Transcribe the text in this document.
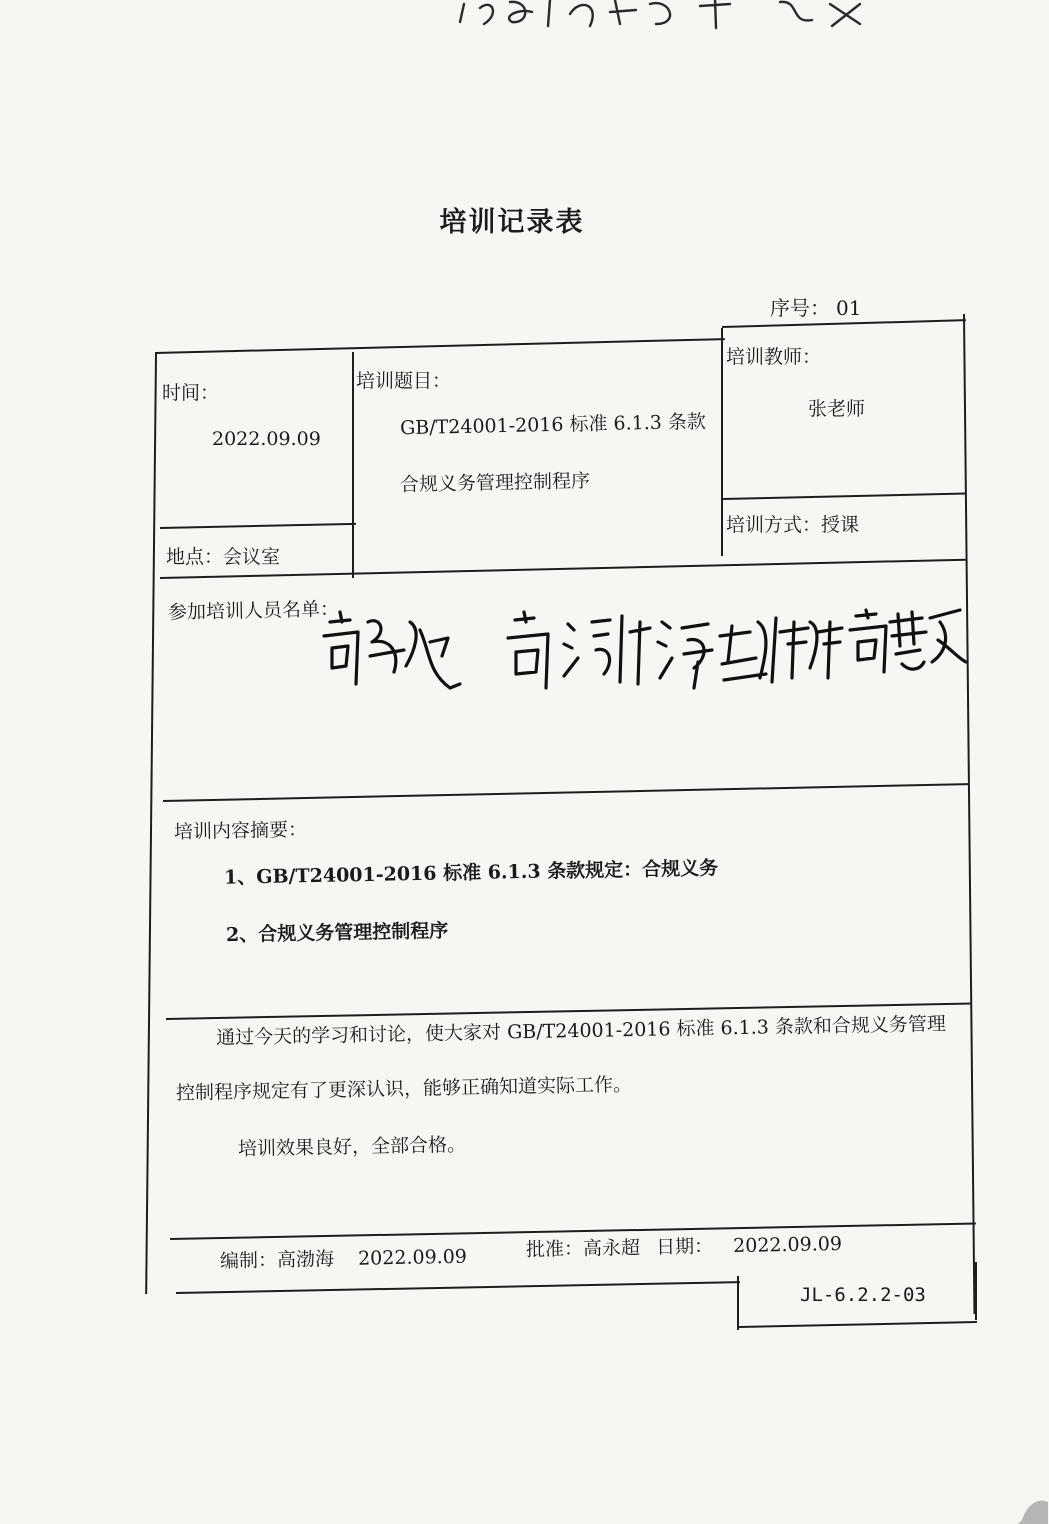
培训记录表
序号： 01
时间：
2022.09.09
地点：会议室
培训题目：
GB/T24001-2016 标准 6.1.3 条款
合规义务管理控制程序
培训教师：
张老师
培训方式：授课
参加培训人员名单：
培训内容摘要：
1、GB/T24001-2016 标准 6.1.3 条款规定：合规义务
2、合规义务管理控制程序
通过今天的学习和讨论，使大家对 GB/T24001-2016 标准 6.1.3 条款和合规义务管理
控制程序规定有了更深认识，能够正确知道实际工作。
培训效果良好，全部合格。
编制：高渤海 2022.09.09	批准：高永超 日期： 2022.09.09
JL-6.2.2-03
